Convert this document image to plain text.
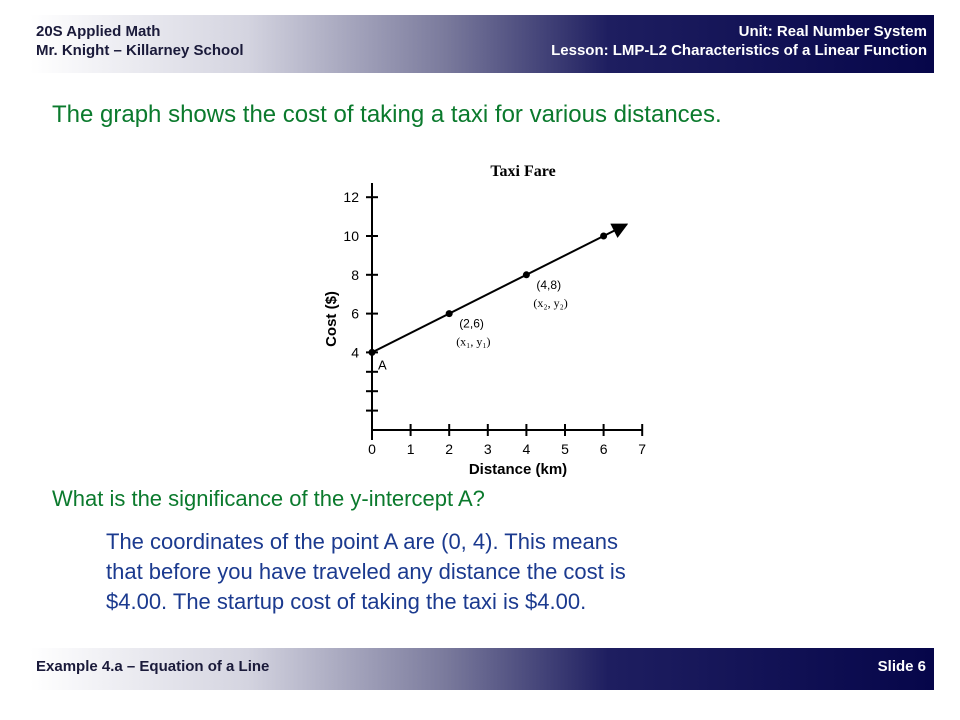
20S Applied Math
Mr. Knight – Killarney School
Unit: Real Number System
Lesson: LMP-L2 Characteristics of a Linear Function
The graph shows the cost of taking a taxi for various distances.
Taxi Fare
0 1 2 3 4 5 6 7
4
6
8
10
12
Cost ($)
Distance (km)
A
(2,6)
(x₁, y₁)
(4,8)
(x₂, y₂)
What is the significance of the y-intercept A?
The coordinates of the point A are (0, 4). This means
that before you have traveled any distance the cost is
$4.00. The startup cost of taking the taxi is $4.00.
Example 4.a – Equation of a Line	Slide 6
